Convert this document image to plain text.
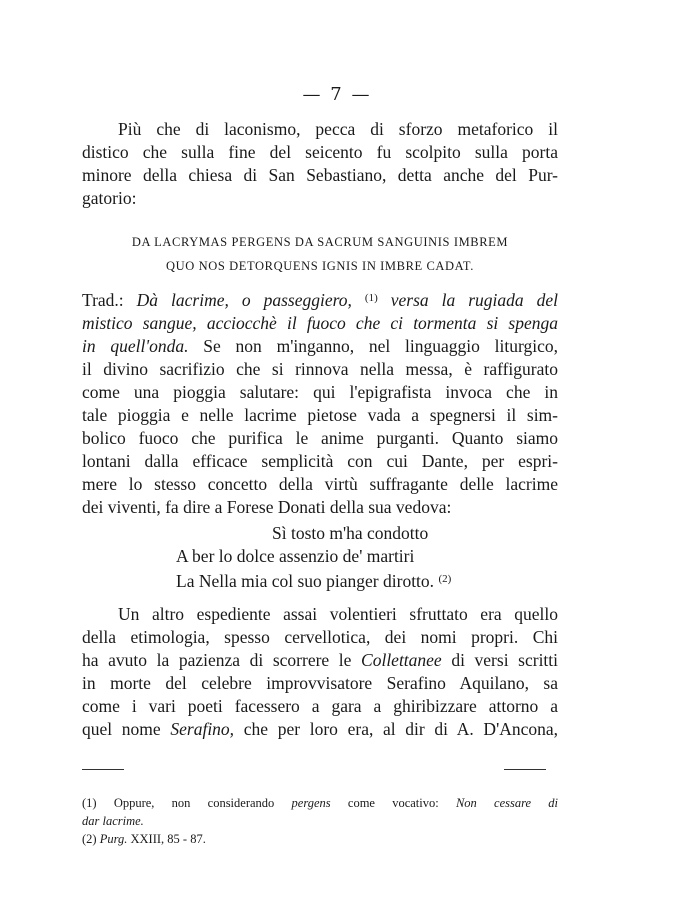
— 7 —
Più che di laconismo, pecca di sforzo metaforico il
distico che sulla fine del seicento fu scolpito sulla porta
minore della chiesa di San Sebastiano, detta anche del Pur-
gatorio:
DA LACRYMAS PERGENS DA SACRUM SANGUINIS IMBREM
QUO NOS DETORQUENS IGNIS IN IMBRE CADAT.
Trad.: Dà lacrime, o passeggiero, $^{(1)}$ versa la rugiada del
mistico sangue, acciocchè il fuoco che ci tormenta si spenga
in quell'onda. Se non m'inganno, nel linguaggio liturgico,
il divino sacrifizio che si rinnova nella messa, è raffigurato
come una pioggia salutare: qui l'epigrafista invoca che in
tale pioggia e nelle lacrime pietose vada a spegnersi il sim-
bolico fuoco che purifica le anime purganti. Quanto siamo
lontani dalla efficace semplicità con cui Dante, per espri-
mere lo stesso concetto della virtù suffragante delle lacrime
dei viventi, fa dire a Forese Donati della sua vedova:
Sì tosto m'ha condotto
A ber lo dolce assenzio de' martiri
La Nella mia col suo pianger dirotto. $^{(2)}$
Un altro espediente assai volentieri sfruttato era quello
della etimologia, spesso cervellotica, dei nomi propri. Chi
ha avuto la pazienza di scorrere le Collettanee di versi scritti
in morte del celebre improvvisatore Serafino Aquilano, sa
come i vari poeti facessero a gara a ghiribizzare attorno a
quel nome Serafino, che per loro era, al dir di A. D'Ancona,
(1) Oppure, non considerando pergens come vocativo: Non cessare di
dar lacrime.
(2) Purg. XXIII, 85 - 87.
